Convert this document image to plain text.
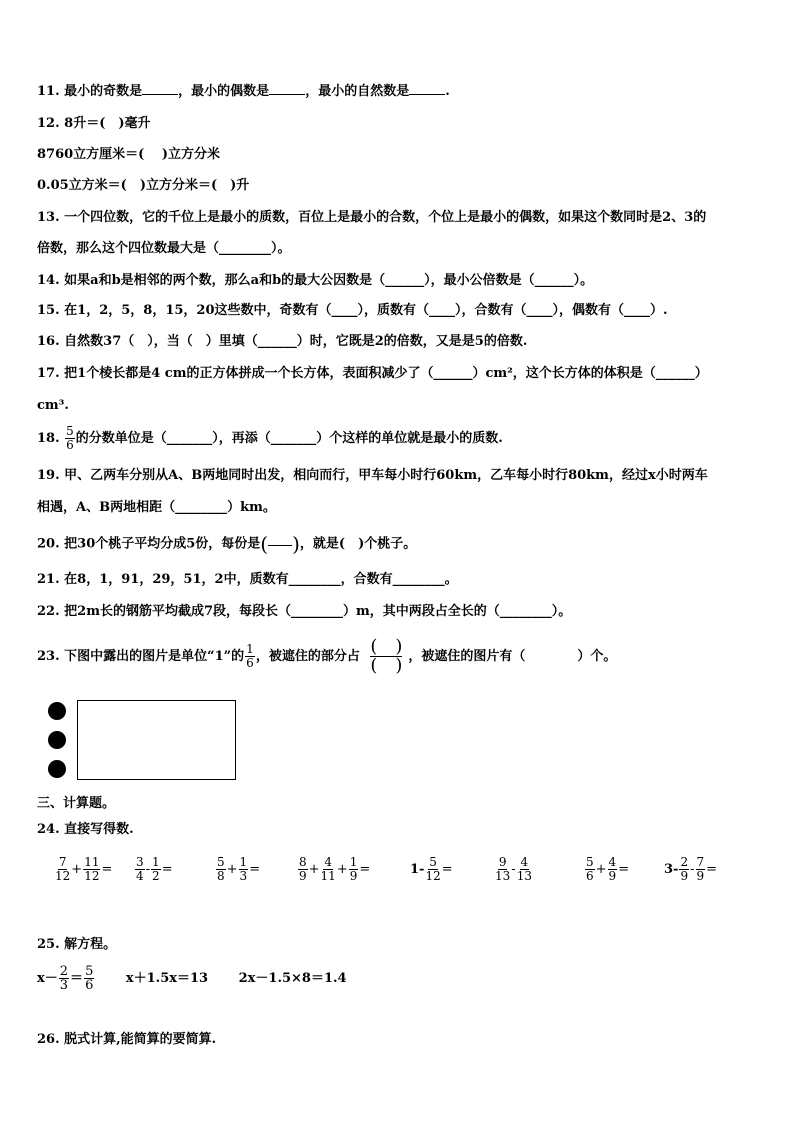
11. 最小的奇数是	，最小的偶数是	，最小的自然数是	.
12. 8升＝(　)毫升
8760立方厘米＝(　 )立方分米
0.05立方米＝(　)立方分米＝(　)升
13. 一个四位数，它的千位上是最小的质数，百位上是最小的合数，个位上是最小的偶数，如果这个数同时是2、3的
倍数，那么这个四位数最大是（________）。
14. 如果a和b是相邻的两个数，那么a和b的最大公因数是（______），最小公倍数是（______）。
15. 在1，2，5，8，15，20这些数中，奇数有（____），质数有（____），合数有（____），偶数有（____）.
16. 自然数37（　），当（　）里填（______）时，它既是2的倍数，又是是5的倍数.
17. 把1个棱长都是4 cm的正方体拼成一个长方体，表面积减少了（______）cm²，这个长方体的体积是（______）
cm³.
18. $\frac{5}{6}$ 的分数单位是（_______），再添（_______）个这样的单位就是最小的质数.
19. 甲、乙两车分别从A、B两地同时出发，相向而行，甲车每小时行60km，乙车每小时行80km，经过x小时两车
相遇，A、B两地相距（________）km。
20. 把30个桃子平均分成5份，每份是( )，就是(　)个桃子。
21. 在8，1，91，29，51，2中，质数有________，合数有________。
22. 把2m长的钢筋平均截成7段，每段长（________）m，其中两段占全长的（________）。
23. 下图中露出的图片是单位“1”的 $\frac{1}{6}$ ，被遮住的部分占 (　)
(　) ，被遮住的图片有（　　　　）个。
三、计算题。
24. 直接写得数.
$\frac{7}{12} + \frac{11}{12} = \frac{3}{4} - \frac{1}{2}$ =	$\frac{5}{8} + \frac{1}{3}$ =	$\frac{8}{9} + \frac{4}{11} + \frac{1}{9}$ =	$1- \frac{5}{12}$ =	$\frac{9}{13} - \frac{4}{13}$	$\frac{5}{6} + \frac{4}{9}$ =	$3- \frac{2}{9} - \frac{7}{9}$ =
25. 解方程。
$x- \frac{2}{3} = \frac{5}{6} x+1.5x=13$ 2x－1.5×8＝1.4
26. 脱式计算,能简算的要简算.
